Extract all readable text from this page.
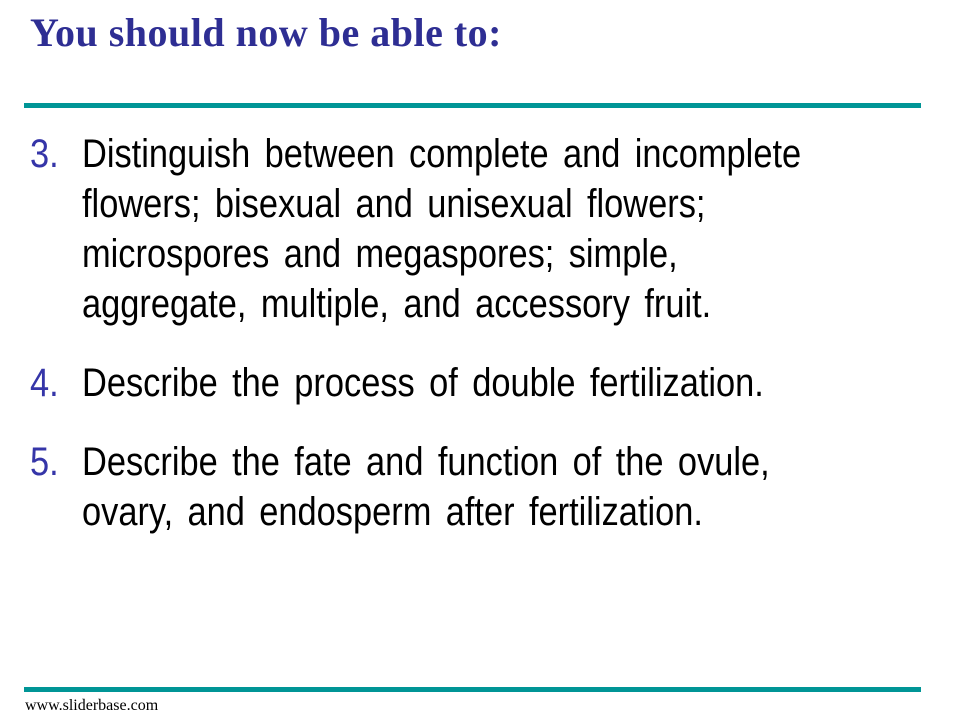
You should now be able to:
3. Distinguish between complete and incomplete
flowers; bisexual and unisexual flowers;
microspores and megaspores; simple,
aggregate, multiple, and accessory fruit.
4. Describe the process of double fertilization.
5. Describe the fate and function of the ovule,
ovary, and endosperm after fertilization.
www.sliderbase.com
